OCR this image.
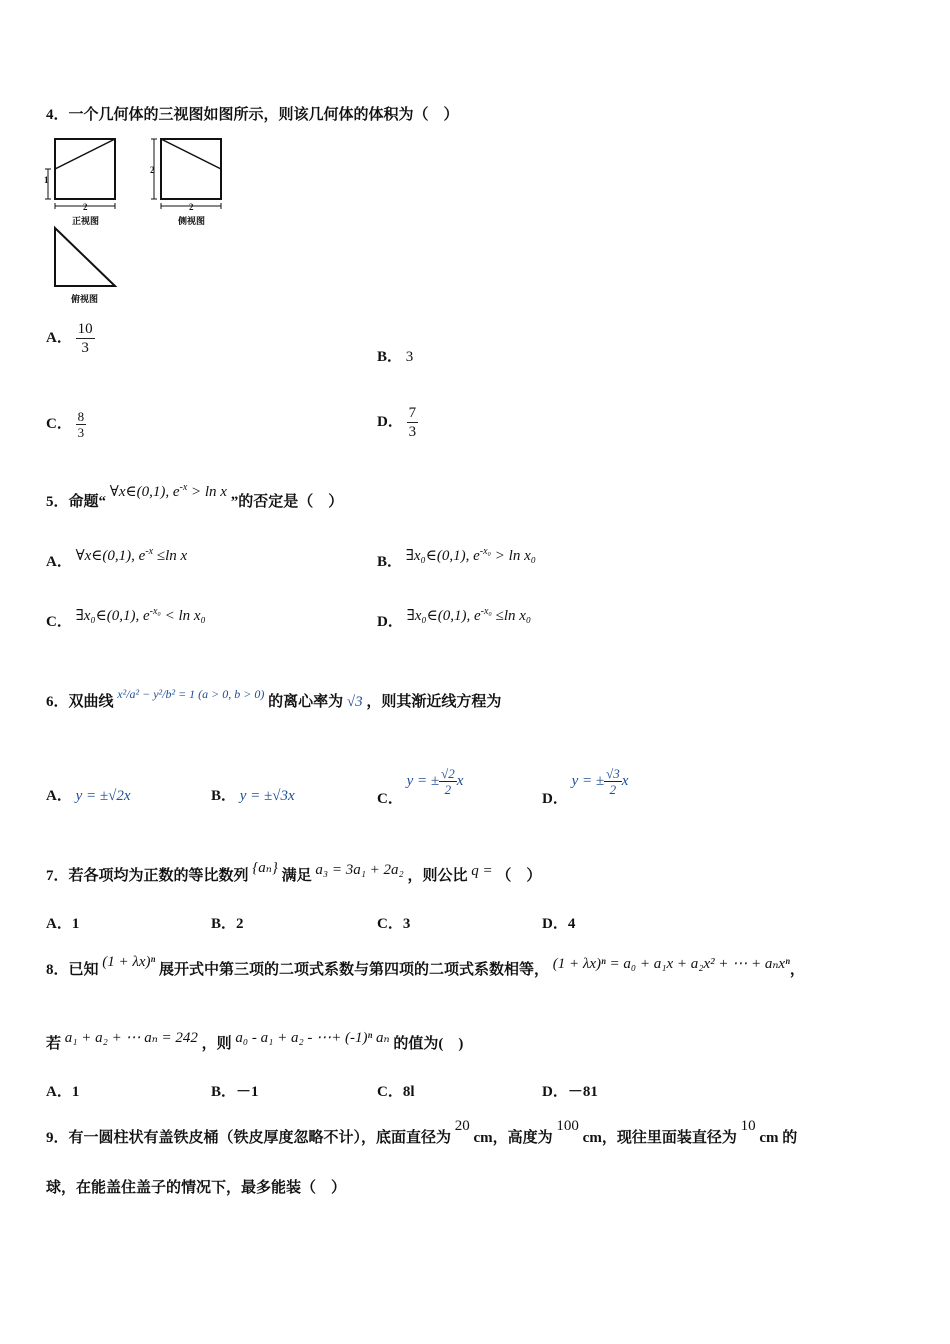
4．一个几何体的三视图如图所示，则该几何体的体积为（　）
1
2
2
2
正视图	侧视图
俯视图
A． $\frac{10}{3}$	B． 3
C． $\frac{8}{3}$	D． $\frac{7}{3}$
5．命题“ ∀x∈(0,1), $e^{-x} > \ln x$ ”的否定是（　）
A． ∀x∈(0,1), $e^{-x} \le\ln$ x	B． ∃x₀∈(0,1), $e^{-x_0} > \ln x_0$
C． ∃x₀∈(0,1), $e^{-x_0} < \ln x_0$	D． ∃x₀∈(0,1), $e^{-x_0} \le\ln$ x₀
6．双曲线 $^{x^2/a^2 - y^2/b^2 = 1 (a > 0, b > 0)}$ 的离心率为 √3 ，则其渐近线方程为
A． y = ±√2x	B． y = ±√3x	C． y = ± $\frac{√2}{2}$ x
D． y = ± $\frac{√3}{2}$ x
7．若各项均为正数的等比数列 {aₙ} 满足 a₃ = 3a₁ + 2a₂ ，则公比 q = （　）
A．1	B．2	C．3	D．4
8．已知 (1 + λx)ⁿ 展开式中第三项的二项式系数与第四项的二项式系数相等， (1 + λx)ⁿ = a₀ + a₁x + a₂x² + ⋯ + aₙxⁿ，
若 a₁ + a₂ + ⋯ aₙ = 242 ，则 a₀ - a₁ + a₂ - ⋯+ (-1)ⁿ aₙ 的值为(　)
A．1	B．－1	C．8l	D．－81
9．有一圆柱状有盖铁皮桶（铁皮厚度忽略不计），底面直径为 20 cm，高度为 100 cm，现往里面装直径为 10 cm 的
球，在能盖住盖子的情况下，最多能装（　）
